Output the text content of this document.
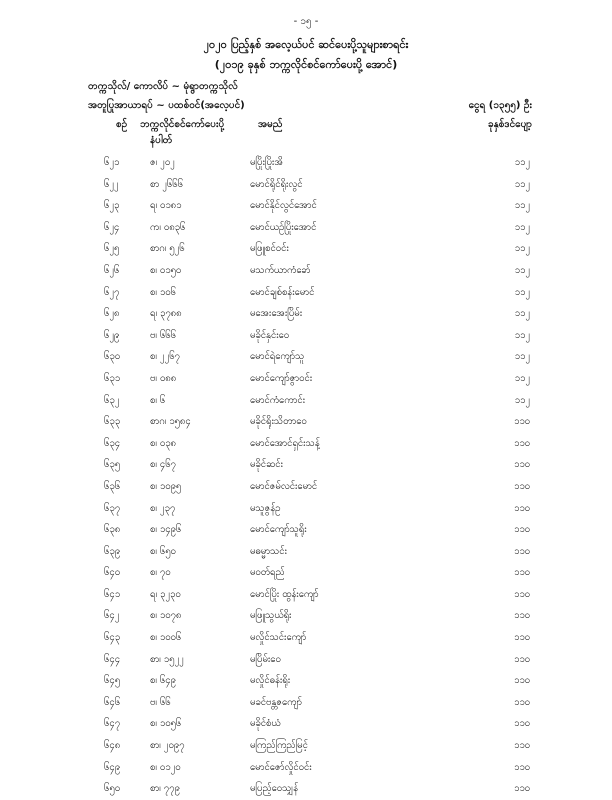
- ၁၅ -
၂၀၂၀ ပြည့်နှစ် အလေ့ယ်ပင် ဆင်ပေးပို့သူများစာရင်း
(၂၀၁၉ ခုနှစ် ဘက္ကလိုင်စင်ကော်ပေးပို့ အောင်)
တက္ကသိုလ်/ ကောလိပ် ~ မုံရွာတက္ကသိုလ်
အတူပြုအာယာရပ် ~ ပထစ်ဝင်(အလေ့ပင်)	ငွေရ (၁၃၅၅) ဦး
စဉ် ဘက္ကလိုင်စင်ကော်ပေးပို့
နံပါတ်
အမည်	ခုနှစ်ဒင်ပျော့
၆၂၁	ဇ၊ ၂၀၂	မပြိုးပြိုးအိ	၁၁၂
၆၂၂	စာ ၂၆၆၆	မောင်ရိုင်ရိုးလွင်	၁၁၂
၆၂၃	ရ၊ ၀၁၈၁	မောင်နိုင်လွင်အောင်	၁၁၂
၆၂၄	ဂာ၊ ၀၈၃၆	မောင်ယဉ်ပြိုးအောင်	၁၁၂
၆၂၅	စာဂ၊ ၅၂၆	မဖြူစင်ဝင်း	၁၁၂
၆၂၆	စ၊ ၀၁၅၀	မသက်ယာကံခော်	၁၁၂
၆၂၇	စ၊ ၁၀၆	မောင်ချစ်စန်းမောင်	၁၁၂
၆၂၈	ရ၊ ၃၇၈၈	မအေးအေးပြိမ်း	၁၁၂
၆၂၉	ဗ၊ ၆၆၆	မခိုင်နှင်းဝေ	၁၁၂
၆၃၀	စ၊ ၂၂၆၇	မောင်ရဲကျော်သူ	၁၁၂
၆၃၁	ဗ၊ ၀၈၈	မောင်ကျော်ဇွာဝင်း	၁၁၂
၆၃၂	စ၊ ၆	မောင်ကံကောင်း	၁၁၂
၆၃၃	စာဂ၊ ၁၅၈၄	မခိုင်ရိုးသိတာဝေ	၁၁၀
၆၃၄	စ၊ ၀၃၈	မောင်အောင်ရှင်းသန့်	၁၁၀
၆၃၅	စ၊ ၄၆၇	မခိုင်ဆင်း	၁၁၀
၆၃၆	စ၊ ၁၀၉၅	မောင်ဇမ်လင်းမောင်	၁၁၀
၆၃၇	စ၊ ၂၃၇	မသူဇွန်ဥ	၁၁၀
၆၃၈	စ၊ ၁၄၉၆	မောင်ကျော်သူရိုး	၁၁၀
၆၃၉	စ၊ ၆၅၀	မဓမ္မာသင်း	၁၁၀
၆၄၀	စ၊ ၇၀	မဝတ်ရည်	၁၁၀
၆၄၁	ရ၊ ၃၂၃၀	မောင်ပြိုး ထွန်းကျော်	၁၁၀
၆၄၂	စ၊ ၁၀၇၈	မဖြူသွယ်ရိုး	၁၁၀
၆၄၃	စ၊ ၁၀၀၆	မလှိုင်သင်းကျော်	၁၁၀
၆၄၄	စာ၊ ၁၅၂၂	မပြိမ်းဝေ	၁၁၀
၆၄၅	စ၊ ၆၄၉	မလှိုင်ဓန်းရိုး	၁၁၀
၆၄၆	ဗ၊ ၆၆	မခင်ဗန္တဇကျော်	၁၁၀
၆၄၇	စ၊ ၁၀၅၆	မခိုင်စံယံ	၁၁၀
၆၄၈	စာ၊ ၂၀၉၇	မကြည်ကြည်မြင့်	၁၁၀
၆၄၉	စ၊ ၀၁၂၀	မောင်ဇော်လှိုင်ဝင်း	၁၁၀
၆၅၀	စာ၊ ၇၇၉	မပြည့်ဝေသျှန်	၁၁၀
